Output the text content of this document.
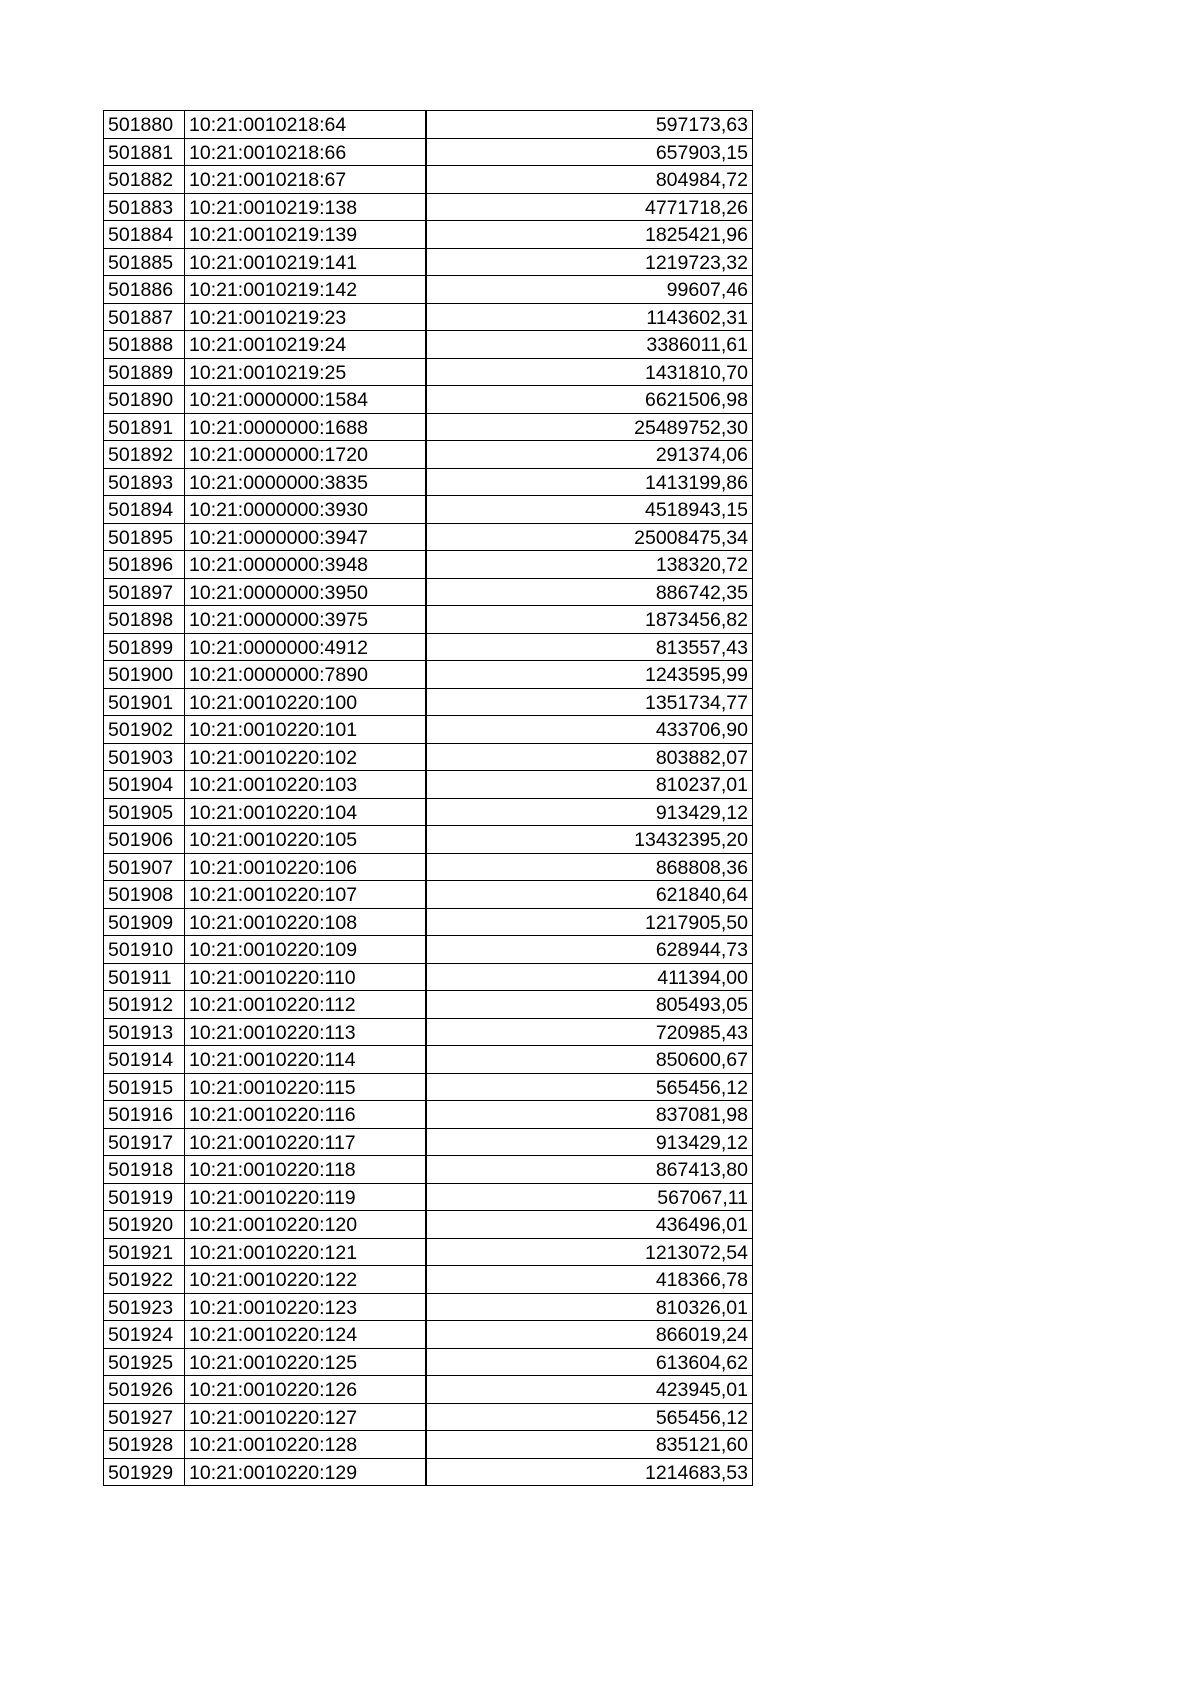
501880	10:21:0010218:64	597173,63
501881	10:21:0010218:66	657903,15
501882	10:21:0010218:67	804984,72
501883	10:21:0010219:138	4771718,26
501884	10:21:0010219:139	1825421,96
501885	10:21:0010219:141	1219723,32
501886	10:21:0010219:142	99607,46
501887	10:21:0010219:23	1143602,31
501888	10:21:0010219:24	3386011,61
501889	10:21:0010219:25	1431810,70
501890	10:21:0000000:1584	6621506,98
501891	10:21:0000000:1688	25489752,30
501892	10:21:0000000:1720	291374,06
501893	10:21:0000000:3835	1413199,86
501894	10:21:0000000:3930	4518943,15
501895	10:21:0000000:3947	25008475,34
501896	10:21:0000000:3948	138320,72
501897	10:21:0000000:3950	886742,35
501898	10:21:0000000:3975	1873456,82
501899	10:21:0000000:4912	813557,43
501900	10:21:0000000:7890	1243595,99
501901	10:21:0010220:100	1351734,77
501902	10:21:0010220:101	433706,90
501903	10:21:0010220:102	803882,07
501904	10:21:0010220:103	810237,01
501905	10:21:0010220:104	913429,12
501906	10:21:0010220:105	13432395,20
501907	10:21:0010220:106	868808,36
501908	10:21:0010220:107	621840,64
501909	10:21:0010220:108	1217905,50
501910	10:21:0010220:109	628944,73
501911	10:21:0010220:110	411394,00
501912	10:21:0010220:112	805493,05
501913	10:21:0010220:113	720985,43
501914	10:21:0010220:114	850600,67
501915	10:21:0010220:115	565456,12
501916	10:21:0010220:116	837081,98
501917	10:21:0010220:117	913429,12
501918	10:21:0010220:118	867413,80
501919	10:21:0010220:119	567067,11
501920	10:21:0010220:120	436496,01
501921	10:21:0010220:121	1213072,54
501922	10:21:0010220:122	418366,78
501923	10:21:0010220:123	810326,01
501924	10:21:0010220:124	866019,24
501925	10:21:0010220:125	613604,62
501926	10:21:0010220:126	423945,01
501927	10:21:0010220:127	565456,12
501928	10:21:0010220:128	835121,60
501929	10:21:0010220:129	1214683,53
